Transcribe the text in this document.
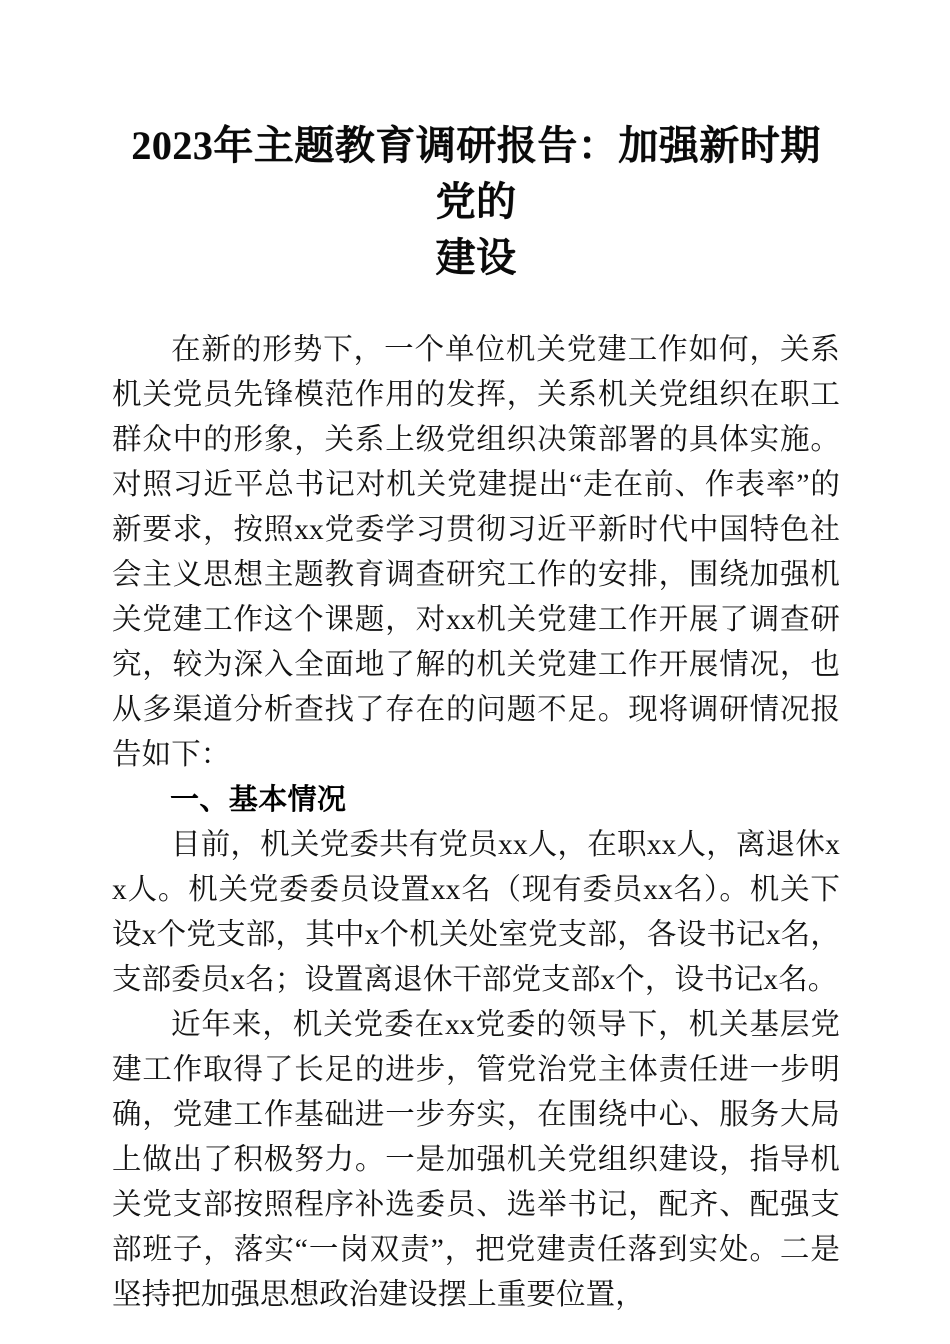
2023年主题教育调研报告：加强新时期党的
建设

在新的形势下，一个单位机关党建工作如何，关系机关党员先锋模范作用的发挥，关系机关党组织在职工群众中的形象，关系上级党组织决策部署的具体实施。对照习近平总书记对机关党建提出“走在前、作表率”的新要求，按照xx党委学习贯彻习近平新时代中国特色社会主义思想主题教育调查研究工作的安排，围绕加强机关党建工作这个课题，对xx机关党建工作开展了调查研究，较为深入全面地了解的机关党建工作开展情况，也从多渠道分析查找了存在的问题不足。现将调研情况报告如下：

一、基本情况

目前，机关党委共有党员xx人，在职xx人，离退休xx人。机关党委委员设置xx名（现有委员xx名）。机关下设x个党支部，其中x个机关处室党支部，各设书记x名，支部委员x名；设置离退休干部党支部x个，设书记x名。

近年来，机关党委在xx党委的领导下，机关基层党建工作取得了长足的进步，管党治党主体责任进一步明确，党建工作基础进一步夯实，在围绕中心、服务大局上做出了积极努力。一是加强机关党组织建设，指导机关党支部按照程序补选委员、选举书记，配齐、配强支部班子，落实“一岗双责”，把党建责任落到实处。二是坚持把加强思想政治建设摆上重要位置，
